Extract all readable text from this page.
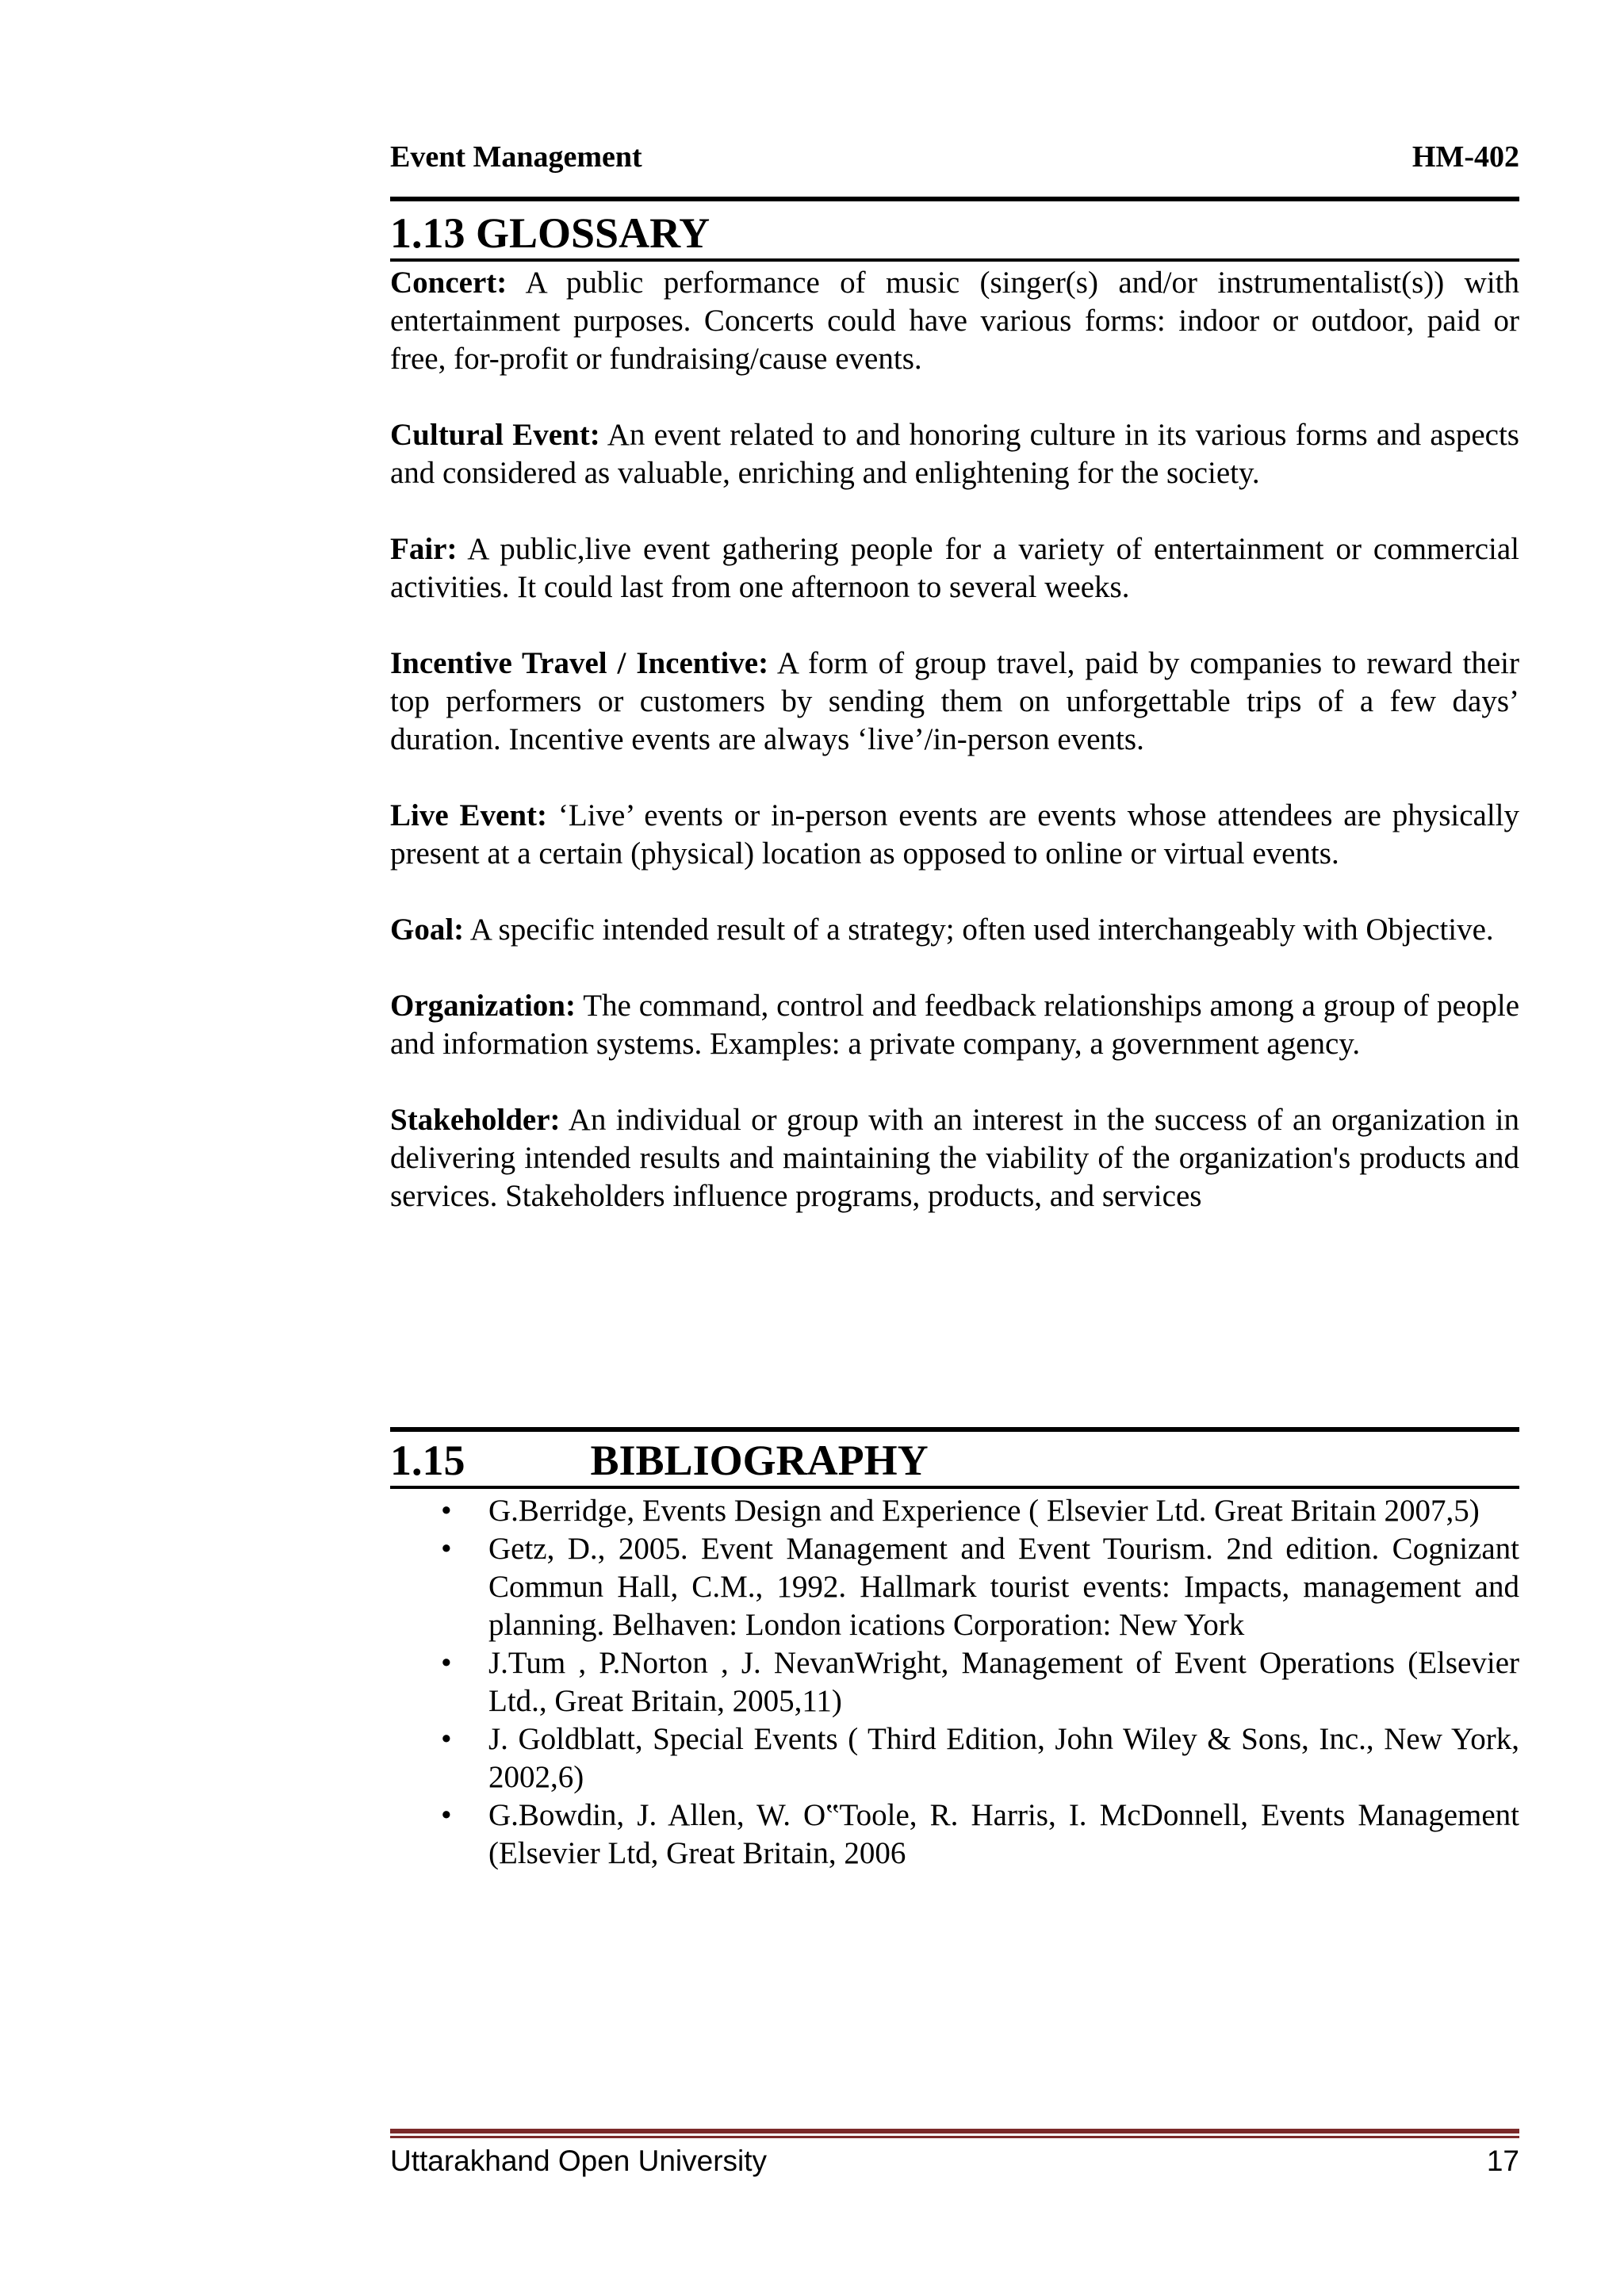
Event Management	HM-402
1.13 GLOSSARY

Concert: A public performance of music (singer(s) and/or instrumentalist(s)) with entertainment purposes. Concerts could have various forms: indoor or outdoor, paid or free, for-profit or fundraising/cause events.

Cultural Event: An event related to and honoring culture in its various forms and aspects and considered as valuable, enriching and enlightening for the society.

Fair: A public,live event gathering people for a variety of entertainment or commercial activities. It could last from one afternoon to several weeks.

Incentive Travel / Incentive: A form of group travel, paid by companies to reward their top performers or customers by sending them on unforgettable trips of a few days’ duration. Incentive events are always ‘live’/in-person events.

Live Event: ‘Live’ events or in-person events are events whose attendees are physically present at a certain (physical) location as opposed to online or virtual events.

Goal: A specific intended result of a strategy; often used interchangeably with Objective.

Organization: The command, control and feedback relationships among a group of people and information systems. Examples: a private company, a government agency.

Stakeholder: An individual or group with an interest in the success of an organization in delivering intended results and maintaining the viability of the organization's products and services. Stakeholders influence programs, products, and services

1.15	BIBLIOGRAPHY
• G.Berridge, Events Design and Experience ( Elsevier Ltd. Great Britain 2007,5)
• Getz, D., 2005. Event Management and Event Tourism. 2nd edition. Cognizant Commun Hall, C.M., 1992. Hallmark tourist events: Impacts, management and planning. Belhaven: London ications Corporation: New York
• J.Tum , P.Norton , J. NevanWright, Management of Event Operations (Elsevier Ltd., Great Britain, 2005,11)
• J. Goldblatt, Special Events ( Third Edition, John Wiley & Sons, Inc., New York, 2002,6)
• G.Bowdin, J. Allen, W. O‟Toole, R. Harris, I. McDonnell, Events Management (Elsevier Ltd, Great Britain, 2006
Uttarakhand Open University	17
